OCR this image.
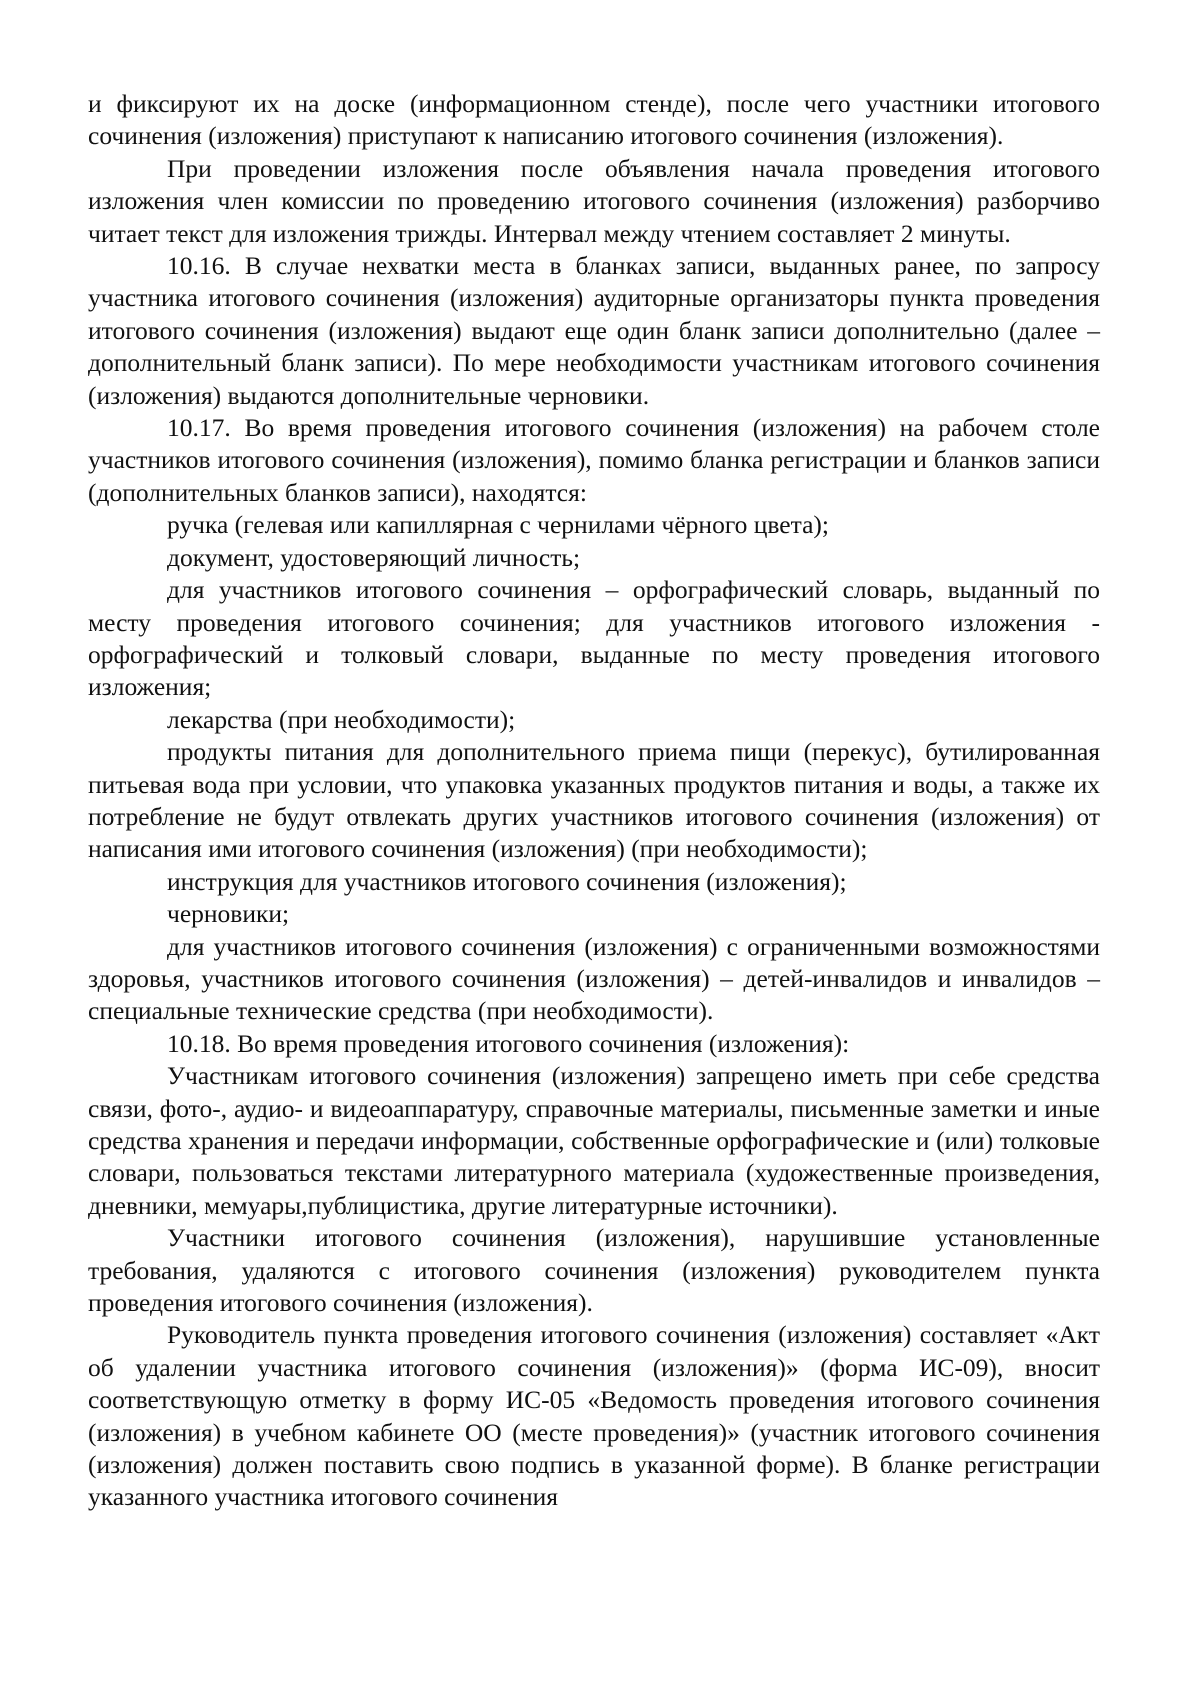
и фиксируют их на доске (информационном стенде), после чего участники итогового сочинения (изложения) приступают к написанию итогового сочинения (изложения).

При проведении изложения после объявления начала проведения итогового изложения член комиссии по проведению итогового сочинения (изложения) разборчиво читает текст для изложения трижды. Интервал между чтением составляет 2 минуты.

10.16. В случае нехватки места в бланках записи, выданных ранее, по запросу участника итогового сочинения (изложения) аудиторные организаторы пункта проведения итогового сочинения (изложения) выдают еще один бланк записи дополнительно (далее – дополнительный бланк записи). По мере необходимости участникам итогового сочинения (изложения) выдаются дополнительные черновики.

10.17. Во время проведения итогового сочинения (изложения) на рабочем столе участников итогового сочинения (изложения), помимо бланка регистрации и бланков записи (дополнительных бланков записи), находятся:

ручка (гелевая или капиллярная с чернилами чёрного цвета);

документ, удостоверяющий личность;

для участников итогового сочинения – орфографический словарь, выданный по месту проведения итогового сочинения; для участников итогового изложения - орфографический и толковый словари, выданные по месту проведения итогового изложения;

лекарства (при необходимости);

продукты питания для дополнительного приема пищи (перекус), бутилированная питьевая вода при условии, что упаковка указанных продуктов питания и воды, а также их потребление не будут отвлекать других участников итогового сочинения (изложения) от написания ими итогового сочинения (изложения) (при необходимости);

инструкция для участников итогового сочинения (изложения);

черновики;

для участников итогового сочинения (изложения) с ограниченными возможностями здоровья, участников итогового сочинения (изложения) – детей-инвалидов и инвалидов – специальные технические средства (при необходимости).

10.18. Во время проведения итогового сочинения (изложения):

Участникам итогового сочинения (изложения) запрещено иметь при себе средства связи, фото-, аудио- и видеоаппаратуру, справочные материалы, письменные заметки и иные средства хранения и передачи информации, собственные орфографические и (или) толковые словари, пользоваться текстами литературного материала (художественные произведения, дневники, мемуары,публицистика, другие литературные источники).

Участники итогового сочинения (изложения), нарушившие установленные требования, удаляются с итогового сочинения (изложения) руководителем пункта проведения итогового сочинения (изложения).

Руководитель пункта проведения итогового сочинения (изложения) составляет «Акт об удалении участника итогового сочинения (изложения)» (форма ИС-09), вносит соответствующую отметку в форму ИС-05 «Ведомость проведения итогового сочинения (изложения) в учебном кабинете ОО (месте проведения)» (участник итогового сочинения (изложения) должен поставить свою подпись в указанной форме). В бланке регистрации указанного участника итогового сочинения
